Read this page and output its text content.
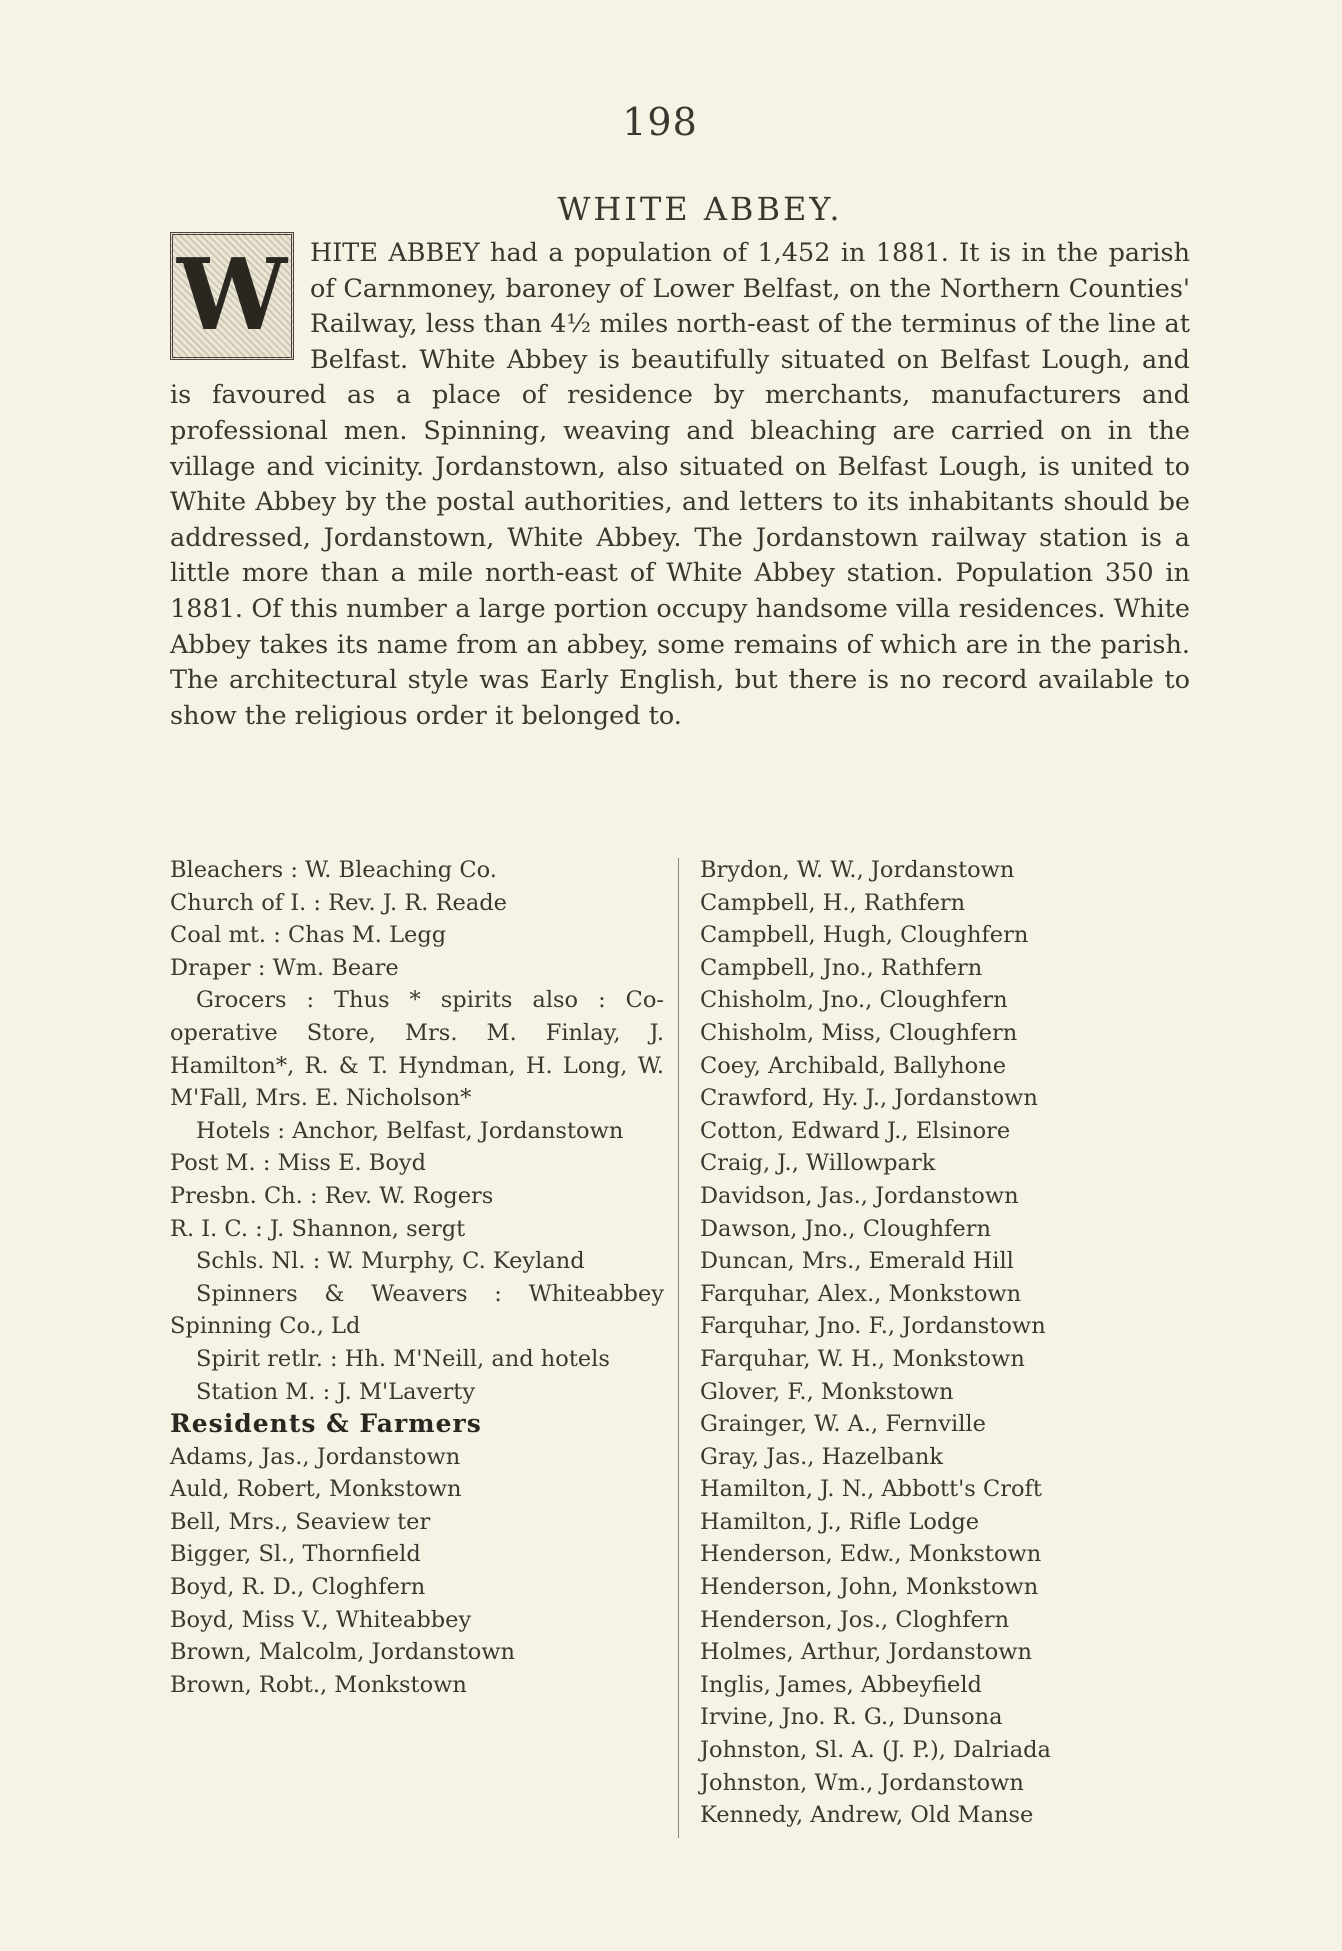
198
WHITE ABBEY.
W HITE ABBEY had a population of 1,452 in 1881. It is in the parish of Carnmoney, baroney of Lower Belfast, on the Northern Counties' Railway, less than 4½ miles north-east of the terminus of the line at Belfast. White Abbey is beautifully situated on Belfast Lough, and is favoured as a place of residence by merchants, manufacturers and professional men. Spinning, weaving and bleaching are carried on in the village and vicinity. Jordanstown, also situated on Belfast Lough, is united to White Abbey by the postal authorities, and letters to its inhabitants should be addressed, Jordanstown, White Abbey. The Jordanstown railway station is a little more than a mile north-east of White Abbey station. Population 350 in 1881. Of this number a large portion occupy handsome villa residences. White Abbey takes its name from an abbey, some remains of which are in the parish. The architectural style was Early English, but there is no record available to show the religious order it belonged to.

Bleachers : W. Bleaching Co.

Church of I. : Rev. J. R. Reade

Coal mt. : Chas M. Legg

Draper : Wm. Beare

Grocers : Thus * spirits also : Co-operative Store, Mrs. M. Finlay, J. Hamilton*, R. & T. Hyndman, H. Long, W. M'Fall, Mrs. E. Nicholson*

Hotels : Anchor, Belfast, Jordanstown

Post M. : Miss E. Boyd

Presbn. Ch. : Rev. W. Rogers

R. I. C. : J. Shannon, sergt

Schls. Nl. : W. Murphy, C. Keyland

Spinners & Weavers : Whiteabbey Spinning Co., Ld

Spirit retlr. : Hh. M'Neill, and hotels

Station M. : J. M'Laverty

Residents & Farmers

Adams, Jas., Jordanstown

Auld, Robert, Monkstown

Bell, Mrs., Seaview ter

Bigger, Sl., Thornfield

Boyd, R. D., Cloghfern

Boyd, Miss V., Whiteabbey

Brown, Malcolm, Jordanstown

Brown, Robt., Monkstown

Brydon, W. W., Jordanstown

Campbell, H., Rathfern

Campbell, Hugh, Cloughfern

Campbell, Jno., Rathfern

Chisholm, Jno., Cloughfern

Chisholm, Miss, Cloughfern

Coey, Archibald, Ballyhone

Crawford, Hy. J., Jordanstown

Cotton, Edward J., Elsinore

Craig, J., Willowpark

Davidson, Jas., Jordanstown

Dawson, Jno., Cloughfern

Duncan, Mrs., Emerald Hill

Farquhar, Alex., Monkstown

Farquhar, Jno. F., Jordanstown

Farquhar, W. H., Monkstown

Glover, F., Monkstown

Grainger, W. A., Fernville

Gray, Jas., Hazelbank

Hamilton, J. N., Abbott's Croft

Hamilton, J., Rifle Lodge

Henderson, Edw., Monkstown

Henderson, John, Monkstown

Henderson, Jos., Cloghfern

Holmes, Arthur, Jordanstown

Inglis, James, Abbeyfield

Irvine, Jno. R. G., Dunsona

Johnston, Sl. A. (J. P.), Dalriada

Johnston, Wm., Jordanstown

Kennedy, Andrew, Old Manse
